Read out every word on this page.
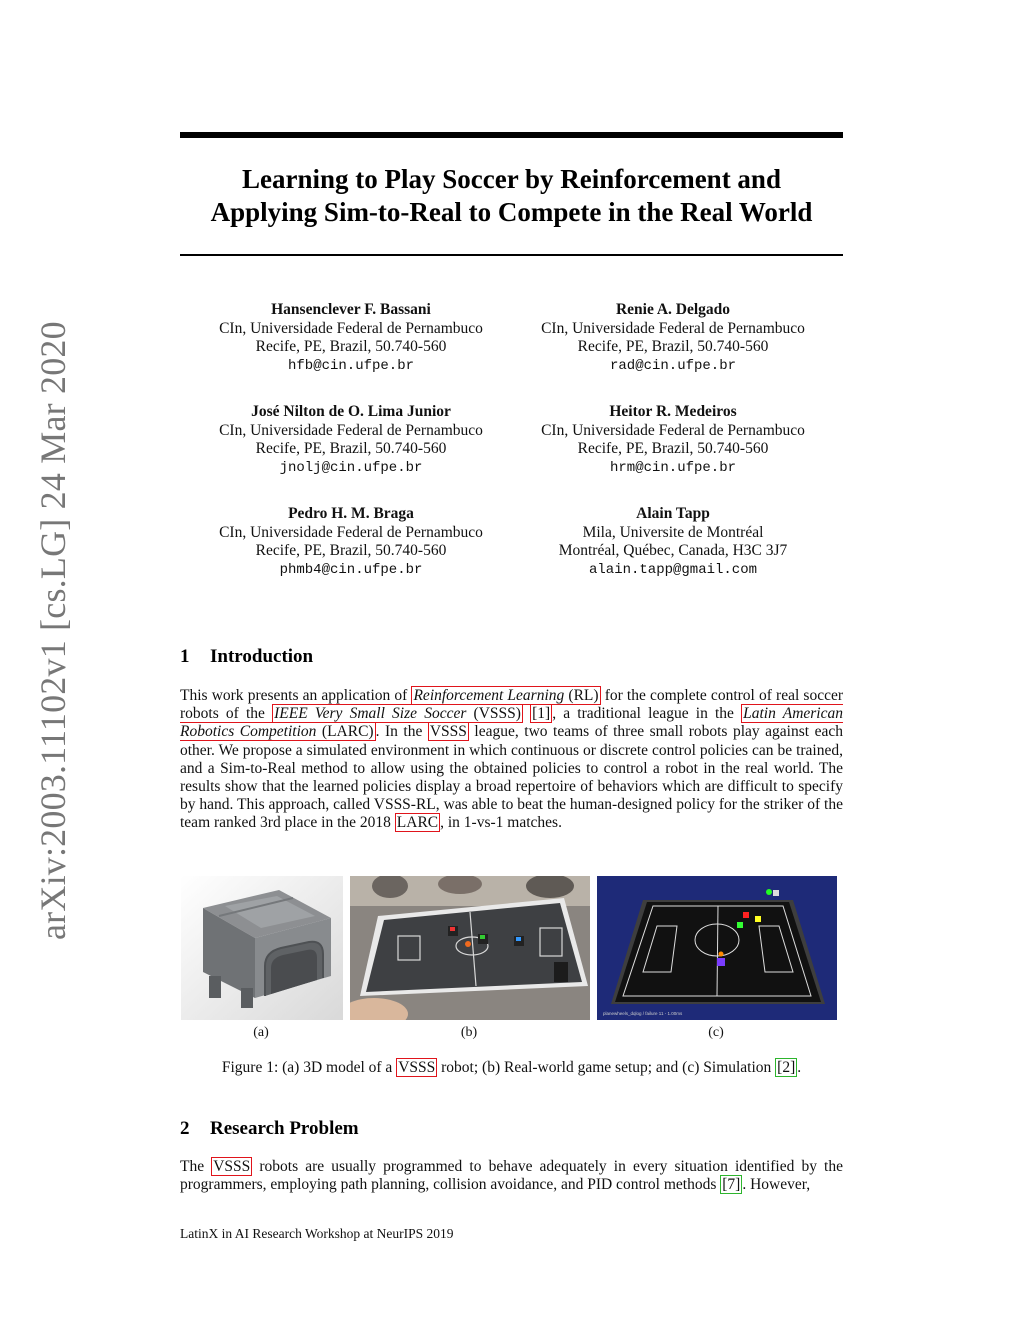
arXiv:2003.11102v1 [cs.LG] 24 Mar 2020
Learning to Play Soccer by Reinforcement and
Applying Sim-to-Real to Compete in the Real World
Hansenclever F. Bassani
CIn, Universidade Federal de Pernambuco
Recife, PE, Brazil, 50.740-560
hfb@cin.ufpe.br
Renie A. Delgado
CIn, Universidade Federal de Pernambuco
Recife, PE, Brazil, 50.740-560
rad@cin.ufpe.br
José Nilton de O. Lima Junior
CIn, Universidade Federal de Pernambuco
Recife, PE, Brazil, 50.740-560
jnolj@cin.ufpe.br
Heitor R. Medeiros
CIn, Universidade Federal de Pernambuco
Recife, PE, Brazil, 50.740-560
hrm@cin.ufpe.br
Pedro H. M. Braga
CIn, Universidade Federal de Pernambuco
Recife, PE, Brazil, 50.740-560
phmb4@cin.ufpe.br
Alain Tapp
Mila, Universite de Montréal
Montréal, Québec, Canada, H3C 3J7
alain.tapp@gmail.com
1 Introduction

This work presents an application of Reinforcement Learning (RL) for the complete control of real soccer robots of the IEEE Very Small Size Soccer (VSSS) [1] , a traditional league in the Latin American Robotics Competition (LARC) . In the VSSS league, two teams of three small robots play against each other. We propose a simulated environment in which continuous or discrete control policies can be trained, and a Sim-to-Real method to allow using the obtained policies to control a robot in the real world. The results show that the learned policies display a broad repertoire of behaviors which are difficult to specify by hand. This approach, called VSSS-RL, was able to beat the human-designed policy for the striker of the team ranked 3rd place in the 2018 LARC , in 1-vs-1 matches.

planewheels_dqlog / failure 11 - 1.00ms
(a)	(b)	(c)
Figure 1: (a) 3D model of a VSSS robot; (b) Real-world game setup; and (c) Simulation [2] .
2 Research Problem

The VSSS robots are usually programmed to behave adequately in every situation identified by the programmers, employing path planning, collision avoidance, and PID control methods [7] . However,

LatinX in AI Research Workshop at NeurIPS 2019
